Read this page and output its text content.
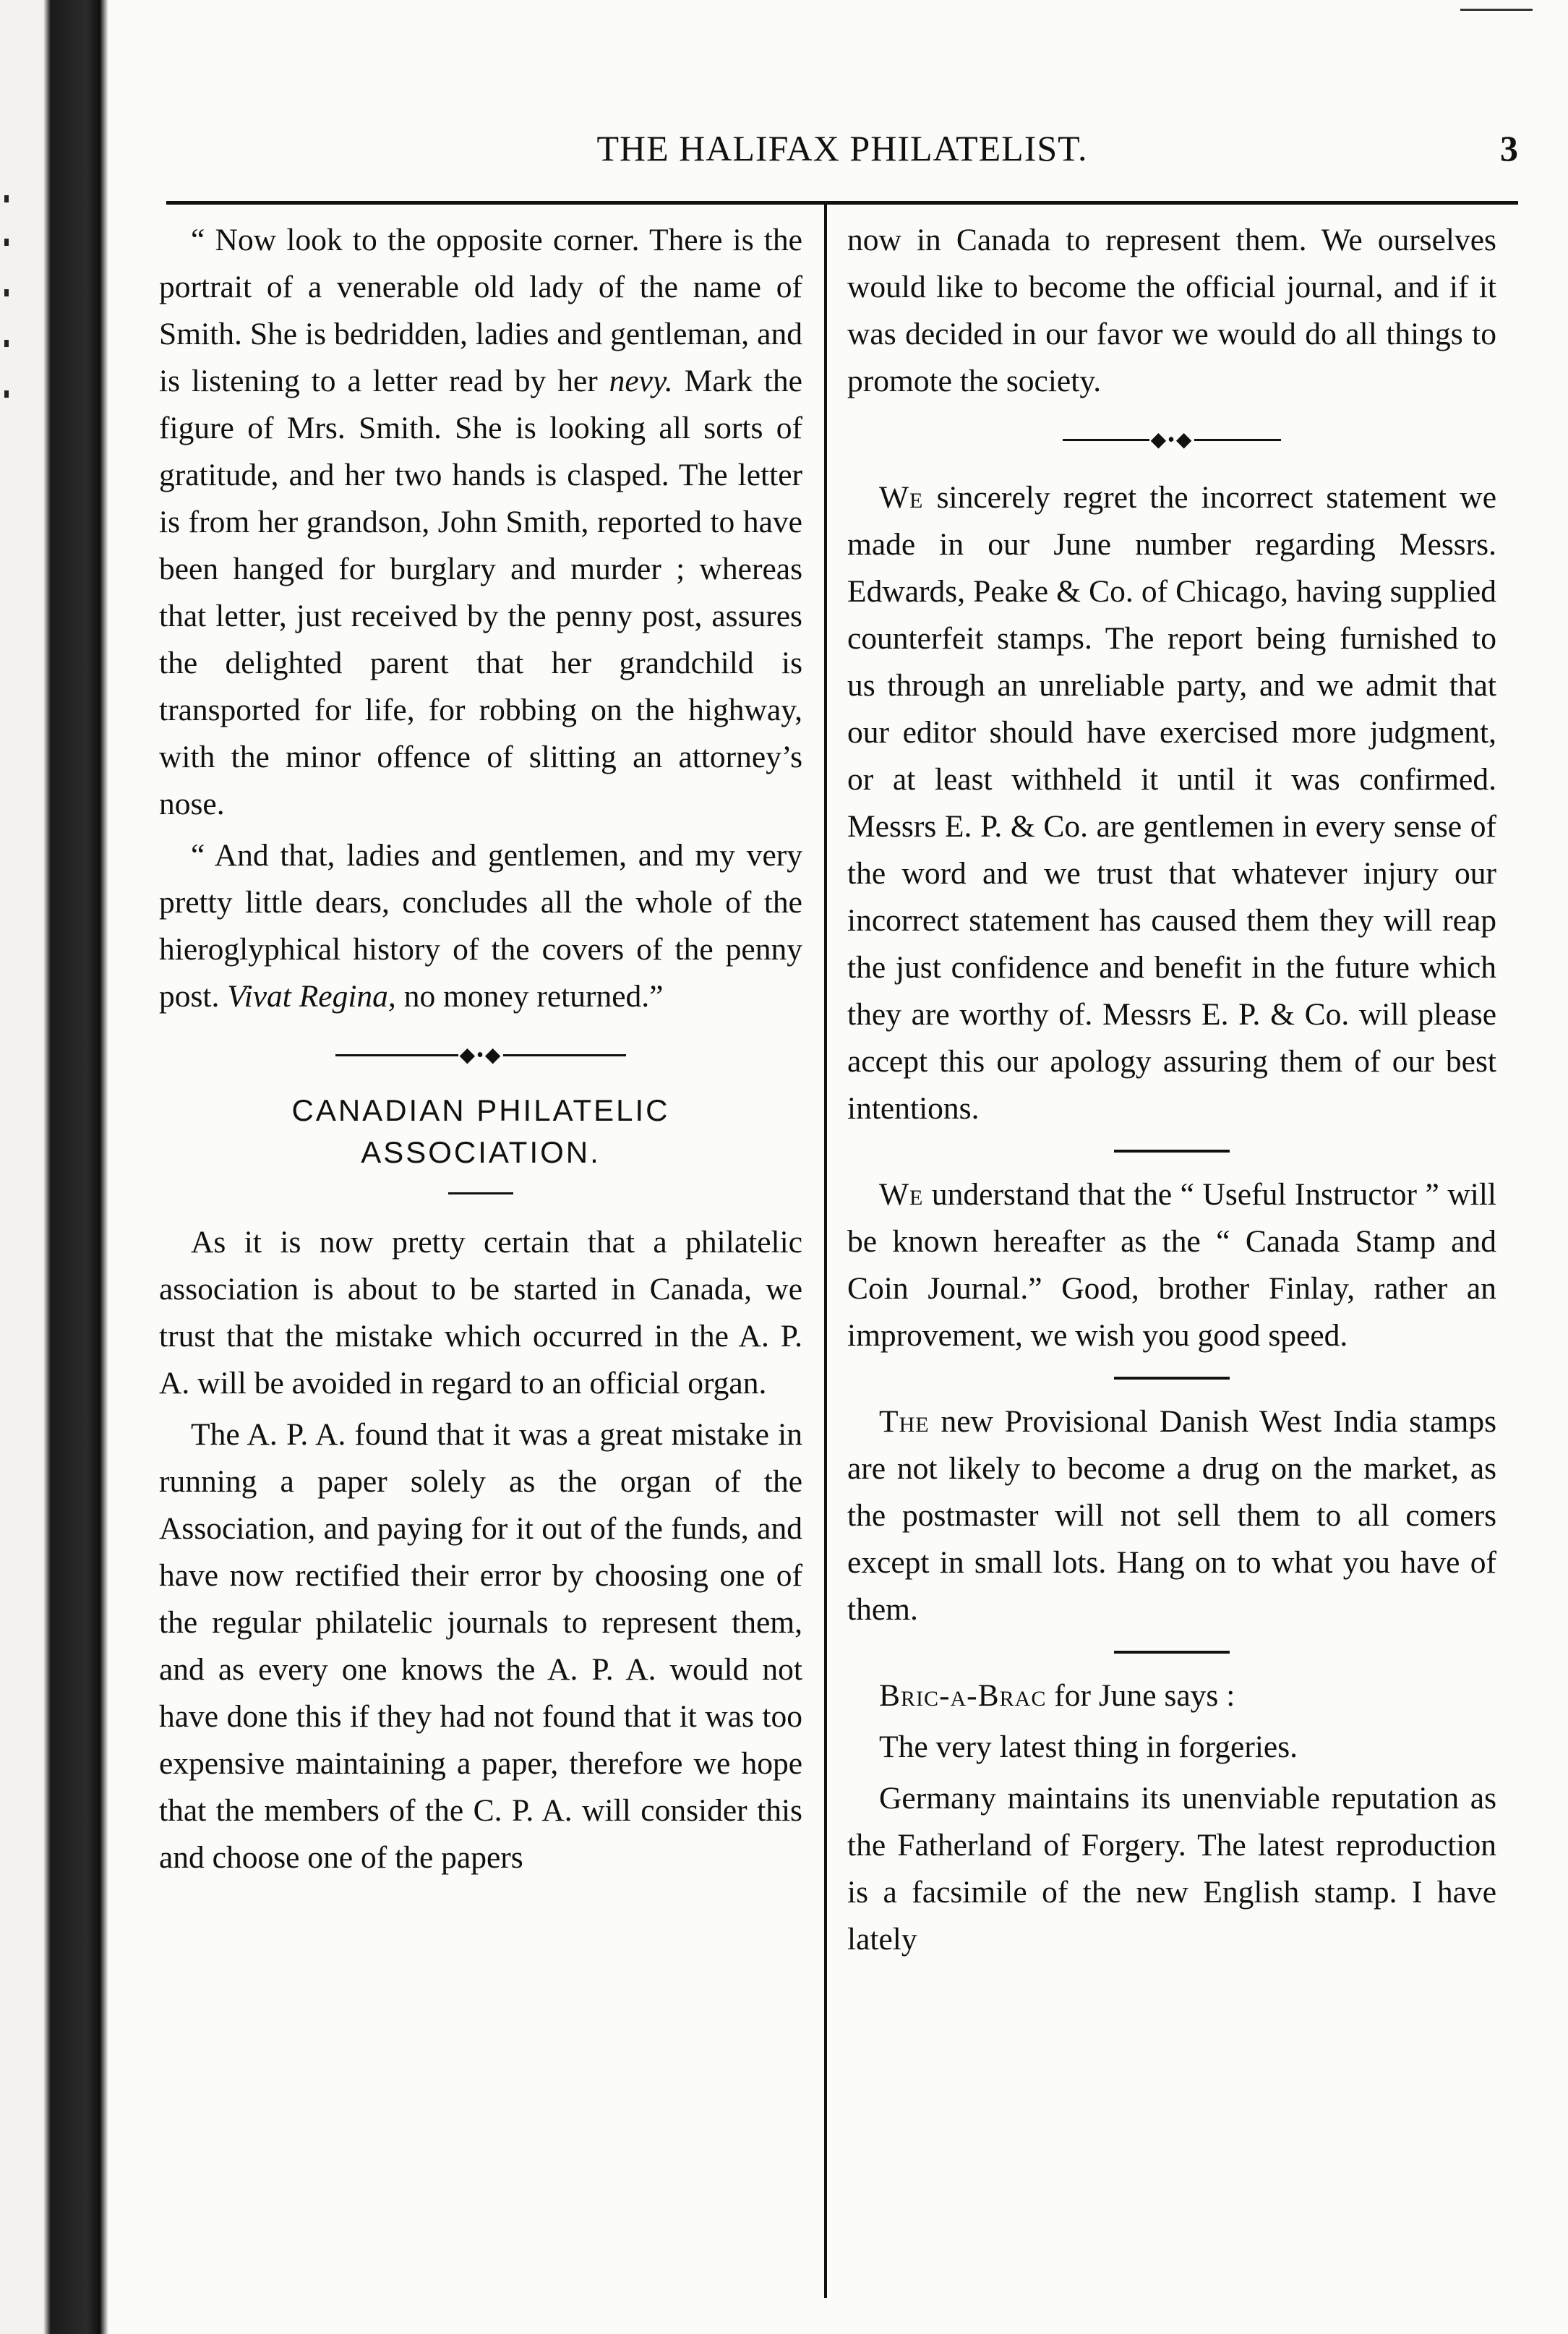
THE HALIFAX PHILATELIST.	3

“ Now look to the opposite corner. There is the portrait of a venerable old lady of the name of Smith. She is bedridden, ladies and gentleman, and is listening to a letter read by her nevy. Mark the figure of Mrs. Smith. She is looking all sorts of gratitude, and her two hands is clasped. The letter is from her grandson, John Smith, reported to have been hanged for burglary and murder ; whereas that letter, just received by the penny post, assures the delighted parent that her grandchild is transported for life, for robbing on the highway, with the minor offence of slitting an attorney’s nose.

“ And that, ladies and gentlemen, and my very pretty little dears, concludes all the whole of the hieroglyphical history of the covers of the penny post. Vivat Regina, no money returned.”

◆•◆
CANADIAN PHILATELIC
ASSOCIATION.

As it is now pretty certain that a philatelic association is about to be started in Canada, we trust that the mistake which occurred in the A. P. A. will be avoided in regard to an official organ.

The A. P. A. found that it was a great mistake in running a paper solely as the organ of the Association, and paying for it out of the funds, and have now rectified their error by choosing one of the regular philatelic journals to represent them, and as every one knows the A. P. A. would not have done this if they had not found that it was too expensive maintaining a paper, therefore we hope that the members of the C. P. A. will consider this and choose one of the papers

now in Canada to represent them. We ourselves would like to become the official journal, and if it was decided in our favor we would do all things to promote the society.

◆•◆

We sincerely regret the incorrect statement we made in our June number regarding Messrs. Edwards, Peake & Co. of Chicago, having supplied counterfeit stamps. The report being furnished to us through an unreliable party, and we admit that our editor should have exercised more judgment, or at least withheld it until it was confirmed. Messrs E. P. & Co. are gentlemen in every sense of the word and we trust that whatever injury our incorrect statement has caused them they will reap the just confidence and benefit in the future which they are worthy of. Messrs E. P. & Co. will please accept this our apology assuring them of our best intentions.

We understand that the “ Useful Instructor ” will be known hereafter as the “ Canada Stamp and Coin Journal.” Good, brother Finlay, rather an improvement, we wish you good speed.

The new Provisional Danish West India stamps are not likely to become a drug on the market, as the postmaster will not sell them to all comers except in small lots. Hang on to what you have of them.

Bric-a-Brac for June says :

The very latest thing in forgeries.

Germany maintains its unenviable reputation as the Fatherland of Forgery. The latest reproduction is a facsimile of the new English stamp. I have lately
